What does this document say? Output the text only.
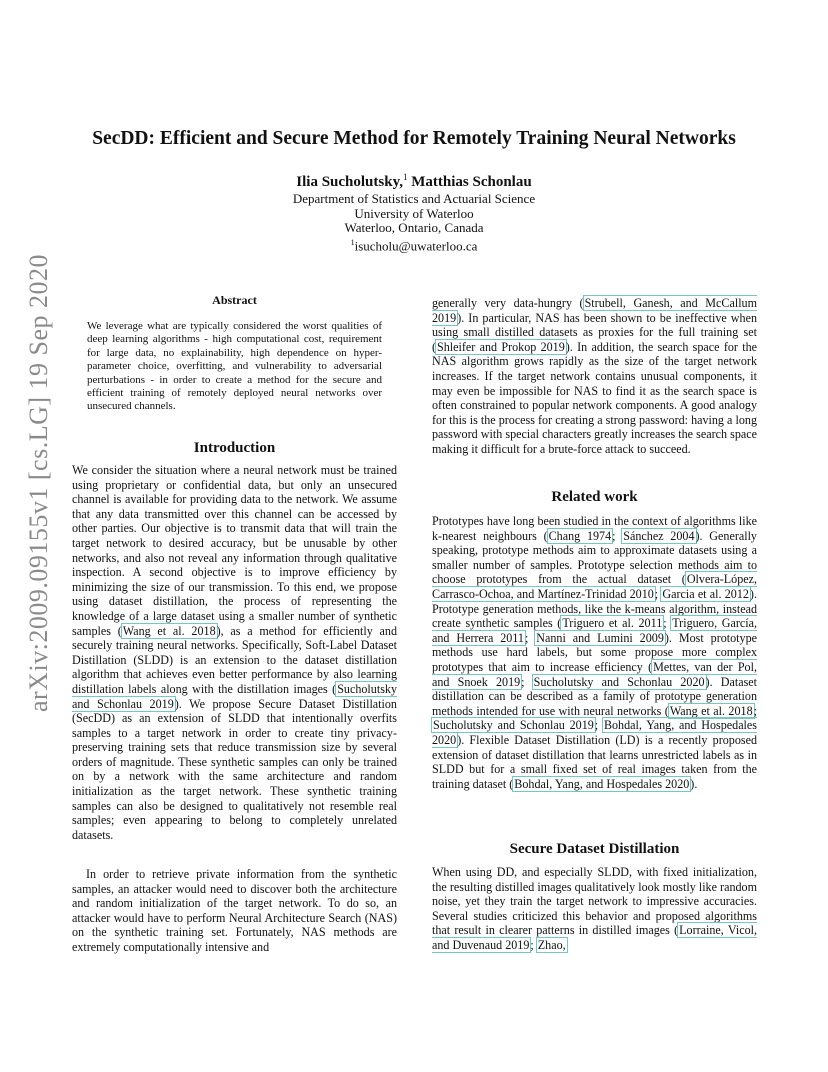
arXiv:2009.09155v1 [cs.LG] 19 Sep 2020
SecDD: Efficient and Secure Method for Remotely Training Neural Networks
Ilia Sucholutsky,$^1$ Matthias Schonlau
Department of Statistics and Actuarial Science
University of Waterloo
Waterloo, Ontario, Canada
$^1$isucholu@uwaterloo.ca
Abstract
We leverage what are typically considered the worst qualities of deep learning algorithms - high computational cost, requirement for large data, no explainability, high dependence on hyper-parameter choice, overfitting, and vulnerability to adversarial perturbations - in order to create a method for the secure and efficient training of remotely deployed neural networks over unsecured channels.
Introduction
We consider the situation where a neural network must be trained using proprietary or confidential data, but only an unsecured channel is available for providing data to the network. We assume that any data transmitted over this channel can be accessed by other parties. Our objective is to transmit data that will train the target network to desired accuracy, but be unusable by other networks, and also not reveal any information through qualitative inspection. A second objective is to improve efficiency by minimizing the size of our transmission. To this end, we propose using dataset distillation, the process of representing the knowledge of a large dataset using a smaller number of synthetic samples (Wang et al. 2018), as a method for efficiently and securely training neural networks. Specifically, Soft-Label Dataset Distillation (SLDD) is an extension to the dataset distillation algorithm that achieves even better performance by also learning distillation labels along with the distillation images (Sucholutsky and Schonlau 2019). We propose Secure Dataset Distillation (SecDD) as an extension of SLDD that intentionally overfits samples to a target network in order to create tiny privacy-preserving training sets that reduce transmission size by several orders of magnitude. These synthetic samples can only be trained on by a network with the same architecture and random initialization as the target network. These synthetic training samples can also be designed to qualitatively not resemble real samples; even appearing to belong to completely unrelated datasets.
In order to retrieve private information from the synthetic samples, an attacker would need to discover both the architecture and random initialization of the target network. To do so, an attacker would have to perform Neural Architecture Search (NAS) on the synthetic training set. Fortunately, NAS methods are extremely computationally intensive and
generally very data-hungry (Strubell, Ganesh, and McCallum 2019). In particular, NAS has been shown to be ineffective when using small distilled datasets as proxies for the full training set (Shleifer and Prokop 2019). In addition, the search space for the NAS algorithm grows rapidly as the size of the target network increases. If the target network contains unusual components, it may even be impossible for NAS to find it as the search space is often constrained to popular network components. A good analogy for this is the process for creating a strong password: having a long password with special characters greatly increases the search space making it difficult for a brute-force attack to succeed.
Related work
Prototypes have long been studied in the context of algorithms like k-nearest neighbours (Chang 1974; Sánchez 2004). Generally speaking, prototype methods aim to approximate datasets using a smaller number of samples. Prototype selection methods aim to choose prototypes from the actual dataset (Olvera-López, Carrasco-Ochoa, and Martínez-Trinidad 2010; Garcia et al. 2012). Prototype generation methods, like the k-means algorithm, instead create synthetic samples (Triguero et al. 2011; Triguero, García, and Herrera 2011; Nanni and Lumini 2009). Most prototype methods use hard labels, but some propose more complex prototypes that aim to increase efficiency (Mettes, van der Pol, and Snoek 2019; Sucholutsky and Schonlau 2020). Dataset distillation can be described as a family of prototype generation methods intended for use with neural networks (Wang et al. 2018; Sucholutsky and Schonlau 2019; Bohdal, Yang, and Hospedales 2020). Flexible Dataset Distillation (LD) is a recently proposed extension of dataset distillation that learns unrestricted labels as in SLDD but for a small fixed set of real images taken from the training dataset (Bohdal, Yang, and Hospedales 2020).
Secure Dataset Distillation
When using DD, and especially SLDD, with fixed initialization, the resulting distilled images qualitatively look mostly like random noise, yet they train the target network to impressive accuracies. Several studies criticized this behavior and proposed algorithms that result in clearer patterns in distilled images (Lorraine, Vicol, and Duvenaud 2019; Zhao,
